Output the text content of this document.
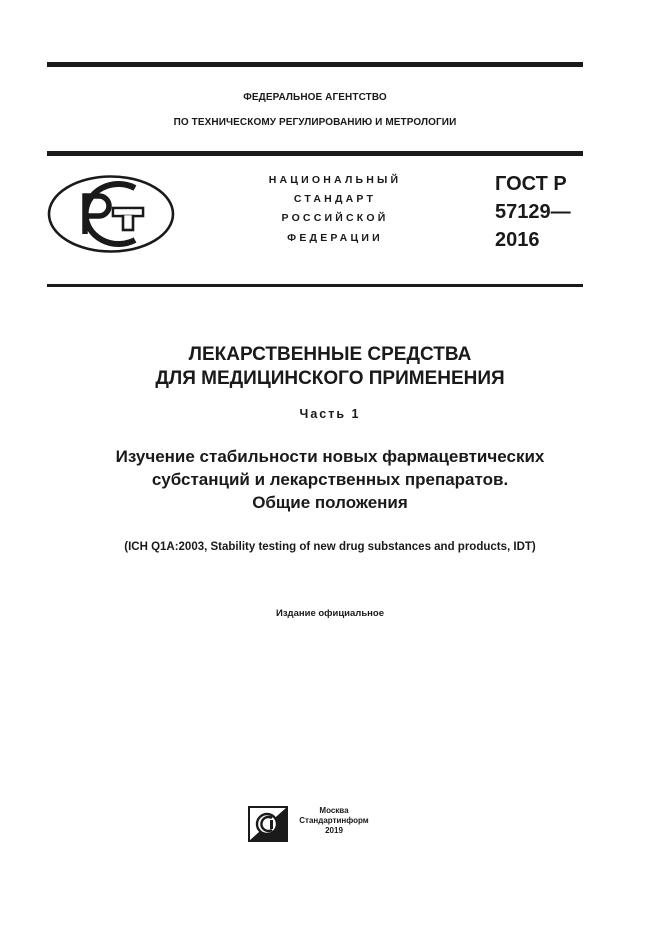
ФЕДЕРАЛЬНОЕ АГЕНТСТВО
ПО ТЕХНИЧЕСКОМУ РЕГУЛИРОВАНИЮ И МЕТРОЛОГИИ
НАЦИОНАЛЬНЫЙ
СТАНДАРТ
РОССИЙСКОЙ
ФЕДЕРАЦИИ
ГОСТ Р
57129—
2016
ЛЕКАРСТВЕННЫЕ СРЕДСТВА
ДЛЯ МЕДИЦИНСКОГО ПРИМЕНЕНИЯ
Часть 1
Изучение стабильности новых фармацевтических
субстанций и лекарственных препаратов.
Общие положения
(ICH Q1A:2003, Stability testing of new drug substances and products, IDT)
Издание официальное
Москва
Стандартинформ
2019
